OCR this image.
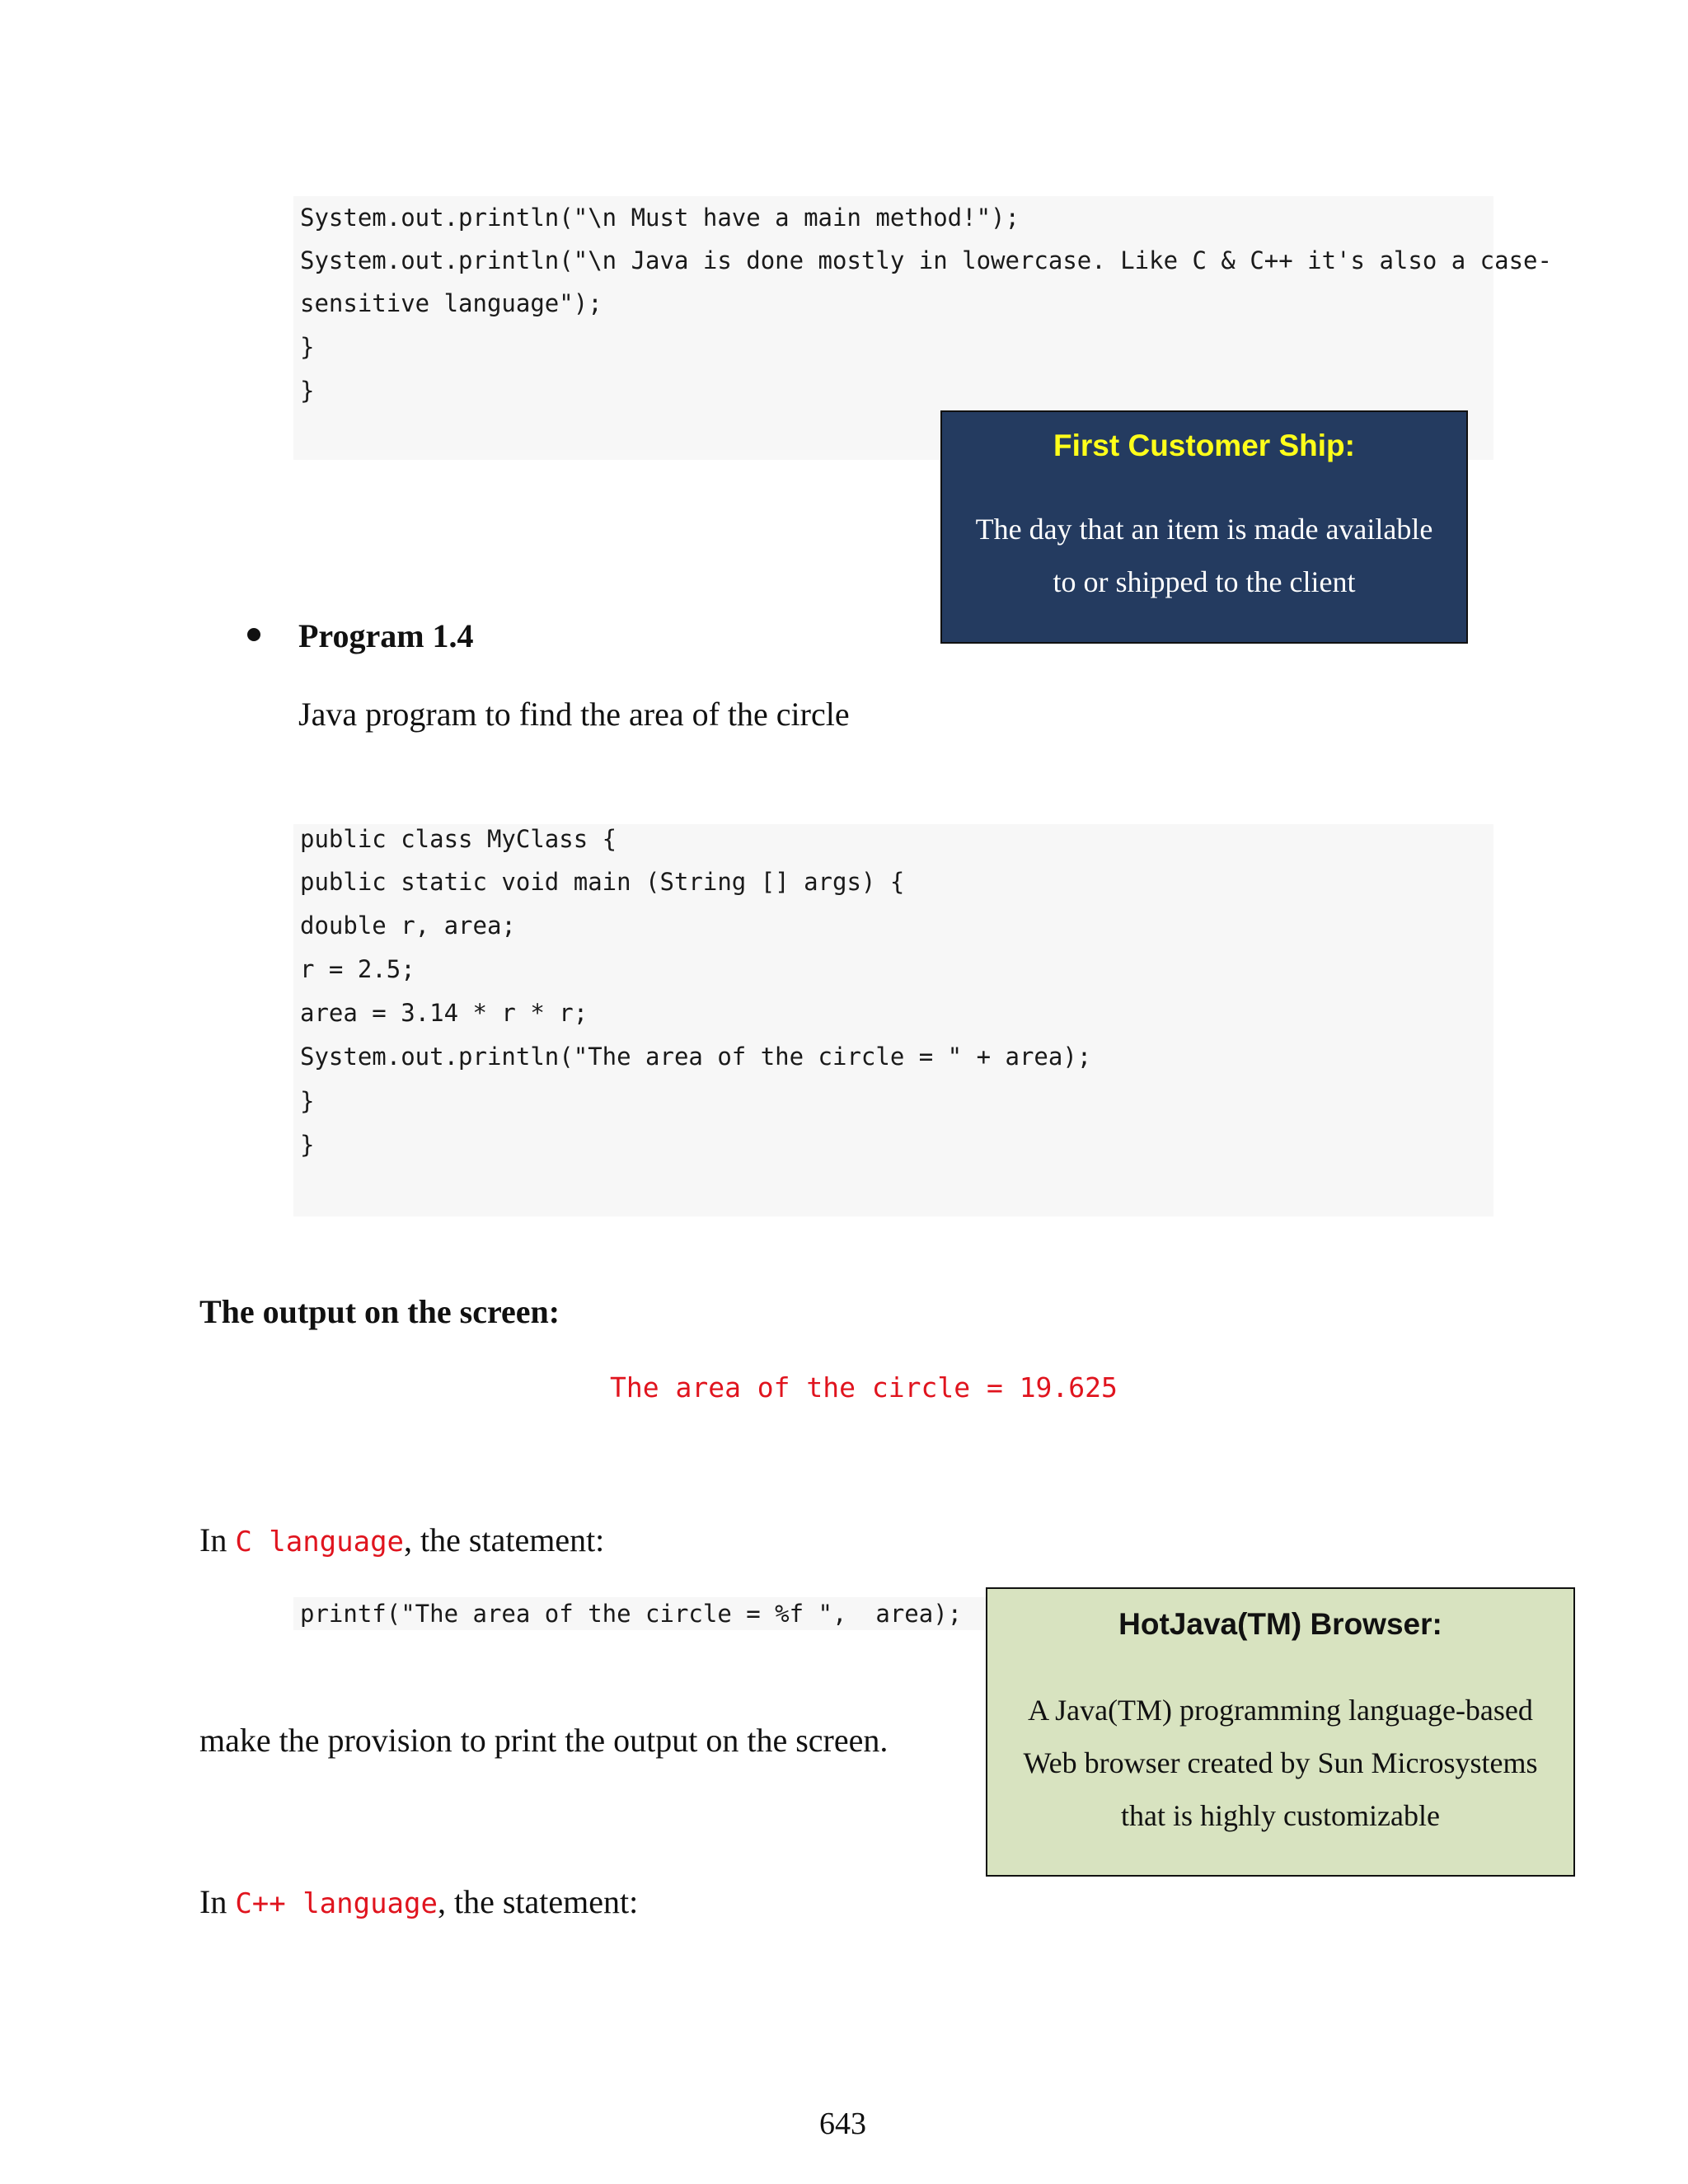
System.out.println("\n Must have a main method!");
System.out.println("\n Java is done mostly in lowercase. Like C & C++ it's also a case-
sensitive language");
}
}
First Customer Ship:
The day that an item is made available
to or shipped to the client
Program 1.4
Java program to find the area of the circle
public class MyClass {
public static void main (String [] args) {
double r, area;
r = 2.5;
area = 3.14 * r * r;
System.out.println("The area of the circle = " + area);
}
}
The output on the screen:
The area of the circle = 19.625
In C language, the statement:
printf("The area of the circle = %f ",  area);	HotJava(TM) Browser:
A Java(TM) programming language-based
Web browser created by Sun Microsystems
that is highly customizable
make the provision to print the output on the screen.
In C++ language, the statement:
643
